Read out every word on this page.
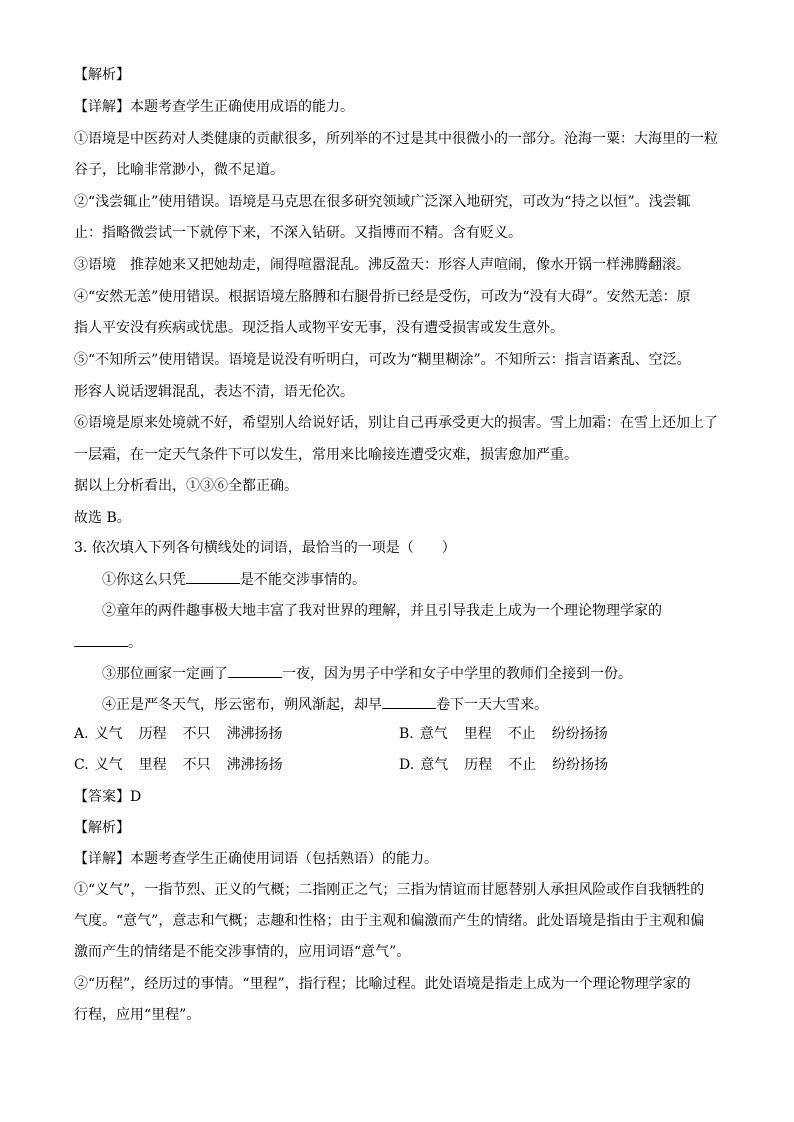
【解析】
【详解】本题考查学生正确使用成语的能力。
①语境是中医药对人类健康的贡献很多，所列举的不过是其中很微小的一部分。沧海一粟：大海里的一粒
谷子，比喻非常渺小，微不足道。
②“浅尝辄止”使用错误。语境是马克思在很多研究领域广泛深入地研究，可改为“持之以恒”。浅尝辄
止：指略微尝试一下就停下来，不深入钻研。又指博而不精。含有贬义。
③语境　推荐她来又把她劫走，闹得喧嚣混乱。沸反盈天：形容人声喧闹，像水开锅一样沸腾翻滚。
④“安然无恙”使用错误。根据语境左胳膊和右腿骨折已经是受伤，可改为“没有大碍”。安然无恙：原
指人平安没有疾病或忧患。现泛指人或物平安无事，没有遭受损害或发生意外。
⑤“不知所云”使用错误。语境是说没有听明白，可改为“糊里糊涂”。不知所云：指言语紊乱、空泛。
形容人说话逻辑混乱，表达不清，语无伦次。
⑥语境是原来处境就不好，希望别人给说好话，别让自己再承受更大的损害。雪上加霜：在雪上还加上了
一层霜，在一定天气条件下可以发生，常用来比喻接连遭受灾难，损害愈加严重。
据以上分析看出，①③⑥全都正确。
故选 B。
3. 依次填入下列各句横线处的词语，最恰当的一项是（　　）
①你这么只凭	是不能交涉事情的。
②童年的两件趣事极大地丰富了我对世界的理解，并且引导我走上成为一个理论物理学家的
。
③那位画家一定画了	一夜，因为男子中学和女子中学里的教师们全接到一份。
④正是严冬天气，彤云密布，朔风渐起，却早	卷下一天大雪来。
A. 义气 历程 不只 沸沸扬扬	B. 意气 里程 不止 纷纷扬扬
C. 义气 里程 不只 沸沸扬扬	D. 意气 历程 不止 纷纷扬扬
【答案】D
【解析】
【详解】本题考查学生正确使用词语（包括熟语）的能力。
①“义气”，一指节烈、正义的气概；二指刚正之气；三指为情谊而甘愿替别人承担风险或作自我牺牲的
气度。“意气”，意志和气概；志趣和性格；由于主观和偏激而产生的情绪。此处语境是指由于主观和偏
激而产生的情绪是不能交涉事情的，应用词语“意气”。
②“历程”，经历过的事情。“里程”，指行程；比喻过程。此处语境是指走上成为一个理论物理学家的
行程，应用“里程”。
